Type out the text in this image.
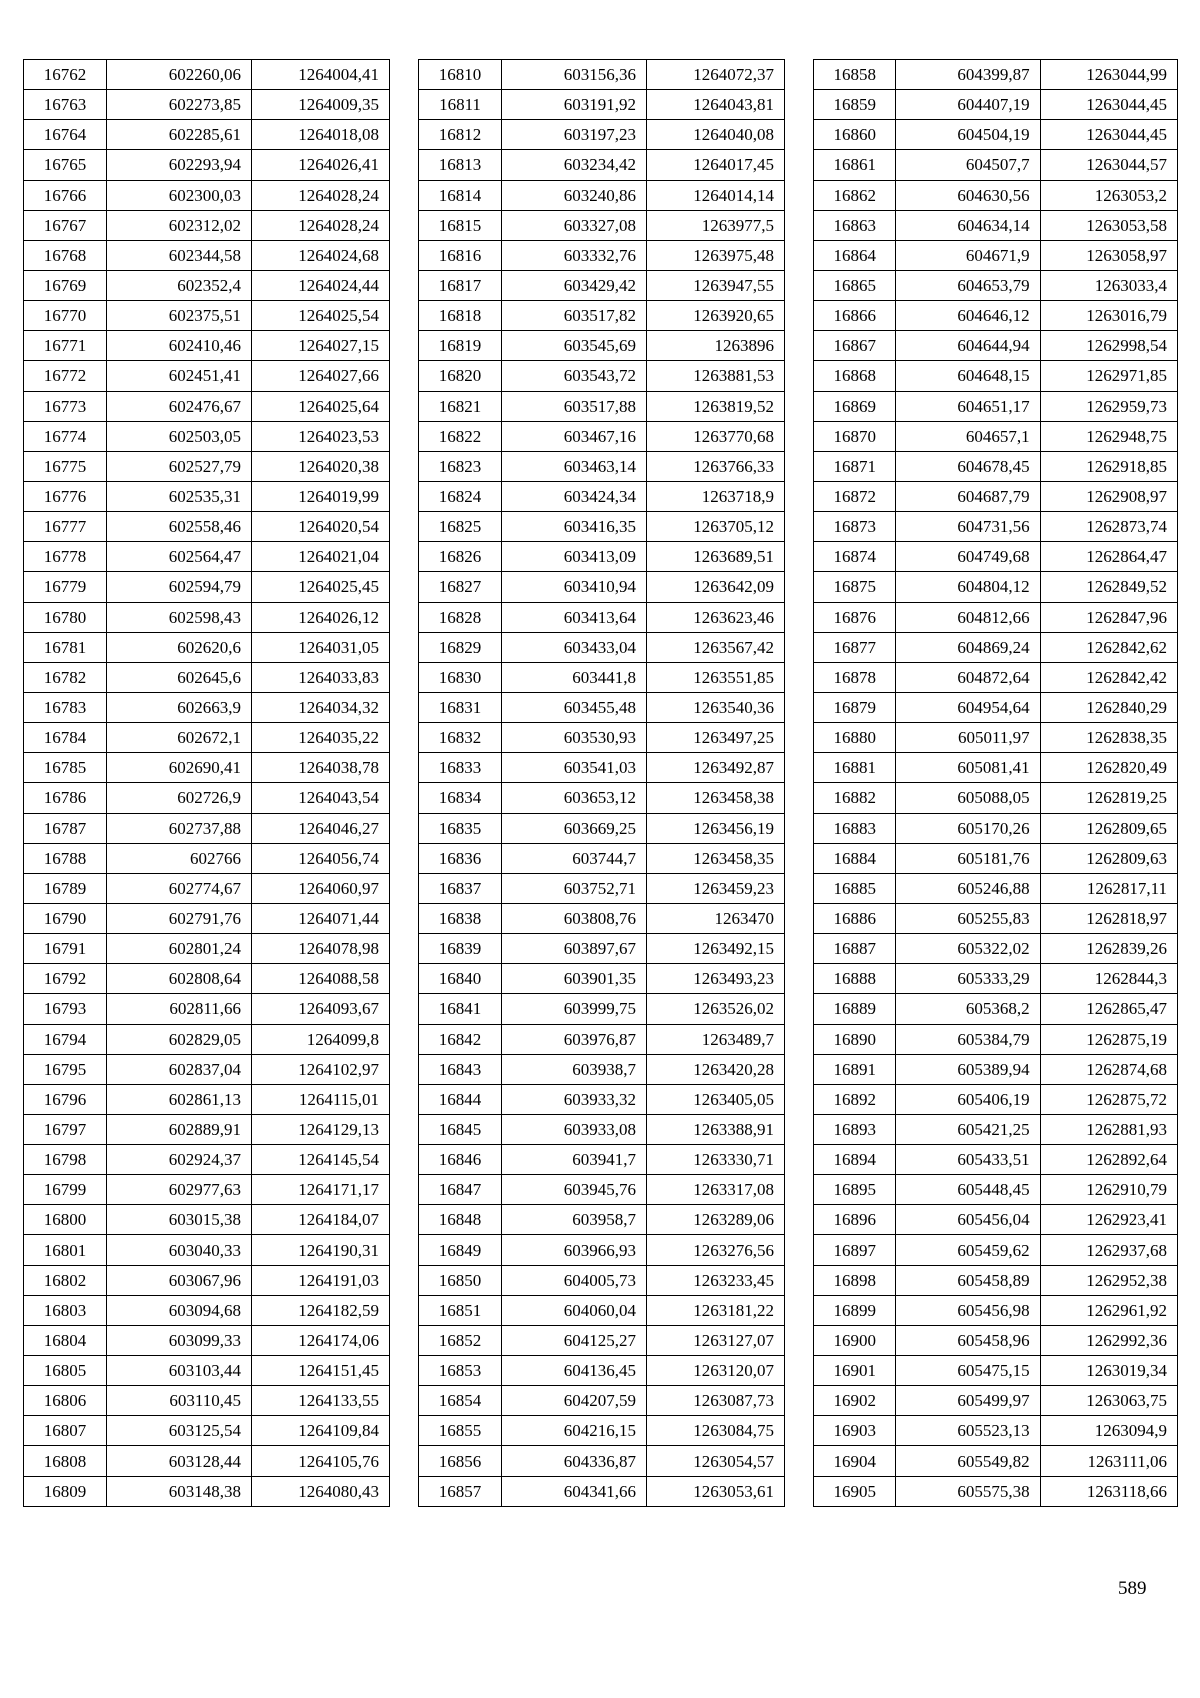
16762	602260,06	1264004,41
16763	602273,85	1264009,35
16764	602285,61	1264018,08
16765	602293,94	1264026,41
16766	602300,03	1264028,24
16767	602312,02	1264028,24
16768	602344,58	1264024,68
16769	602352,4	1264024,44
16770	602375,51	1264025,54
16771	602410,46	1264027,15
16772	602451,41	1264027,66
16773	602476,67	1264025,64
16774	602503,05	1264023,53
16775	602527,79	1264020,38
16776	602535,31	1264019,99
16777	602558,46	1264020,54
16778	602564,47	1264021,04
16779	602594,79	1264025,45
16780	602598,43	1264026,12
16781	602620,6	1264031,05
16782	602645,6	1264033,83
16783	602663,9	1264034,32
16784	602672,1	1264035,22
16785	602690,41	1264038,78
16786	602726,9	1264043,54
16787	602737,88	1264046,27
16788	602766	1264056,74
16789	602774,67	1264060,97
16790	602791,76	1264071,44
16791	602801,24	1264078,98
16792	602808,64	1264088,58
16793	602811,66	1264093,67
16794	602829,05	1264099,8
16795	602837,04	1264102,97
16796	602861,13	1264115,01
16797	602889,91	1264129,13
16798	602924,37	1264145,54
16799	602977,63	1264171,17
16800	603015,38	1264184,07
16801	603040,33	1264190,31
16802	603067,96	1264191,03
16803	603094,68	1264182,59
16804	603099,33	1264174,06
16805	603103,44	1264151,45
16806	603110,45	1264133,55
16807	603125,54	1264109,84
16808	603128,44	1264105,76
16809	603148,38	1264080,43
16810	603156,36	1264072,37
16811	603191,92	1264043,81
16812	603197,23	1264040,08
16813	603234,42	1264017,45
16814	603240,86	1264014,14
16815	603327,08	1263977,5
16816	603332,76	1263975,48
16817	603429,42	1263947,55
16818	603517,82	1263920,65
16819	603545,69	1263896
16820	603543,72	1263881,53
16821	603517,88	1263819,52
16822	603467,16	1263770,68
16823	603463,14	1263766,33
16824	603424,34	1263718,9
16825	603416,35	1263705,12
16826	603413,09	1263689,51
16827	603410,94	1263642,09
16828	603413,64	1263623,46
16829	603433,04	1263567,42
16830	603441,8	1263551,85
16831	603455,48	1263540,36
16832	603530,93	1263497,25
16833	603541,03	1263492,87
16834	603653,12	1263458,38
16835	603669,25	1263456,19
16836	603744,7	1263458,35
16837	603752,71	1263459,23
16838	603808,76	1263470
16839	603897,67	1263492,15
16840	603901,35	1263493,23
16841	603999,75	1263526,02
16842	603976,87	1263489,7
16843	603938,7	1263420,28
16844	603933,32	1263405,05
16845	603933,08	1263388,91
16846	603941,7	1263330,71
16847	603945,76	1263317,08
16848	603958,7	1263289,06
16849	603966,93	1263276,56
16850	604005,73	1263233,45
16851	604060,04	1263181,22
16852	604125,27	1263127,07
16853	604136,45	1263120,07
16854	604207,59	1263087,73
16855	604216,15	1263084,75
16856	604336,87	1263054,57
16857	604341,66	1263053,61
16858	604399,87	1263044,99
16859	604407,19	1263044,45
16860	604504,19	1263044,45
16861	604507,7	1263044,57
16862	604630,56	1263053,2
16863	604634,14	1263053,58
16864	604671,9	1263058,97
16865	604653,79	1263033,4
16866	604646,12	1263016,79
16867	604644,94	1262998,54
16868	604648,15	1262971,85
16869	604651,17	1262959,73
16870	604657,1	1262948,75
16871	604678,45	1262918,85
16872	604687,79	1262908,97
16873	604731,56	1262873,74
16874	604749,68	1262864,47
16875	604804,12	1262849,52
16876	604812,66	1262847,96
16877	604869,24	1262842,62
16878	604872,64	1262842,42
16879	604954,64	1262840,29
16880	605011,97	1262838,35
16881	605081,41	1262820,49
16882	605088,05	1262819,25
16883	605170,26	1262809,65
16884	605181,76	1262809,63
16885	605246,88	1262817,11
16886	605255,83	1262818,97
16887	605322,02	1262839,26
16888	605333,29	1262844,3
16889	605368,2	1262865,47
16890	605384,79	1262875,19
16891	605389,94	1262874,68
16892	605406,19	1262875,72
16893	605421,25	1262881,93
16894	605433,51	1262892,64
16895	605448,45	1262910,79
16896	605456,04	1262923,41
16897	605459,62	1262937,68
16898	605458,89	1262952,38
16899	605456,98	1262961,92
16900	605458,96	1262992,36
16901	605475,15	1263019,34
16902	605499,97	1263063,75
16903	605523,13	1263094,9
16904	605549,82	1263111,06
16905	605575,38	1263118,66
589
